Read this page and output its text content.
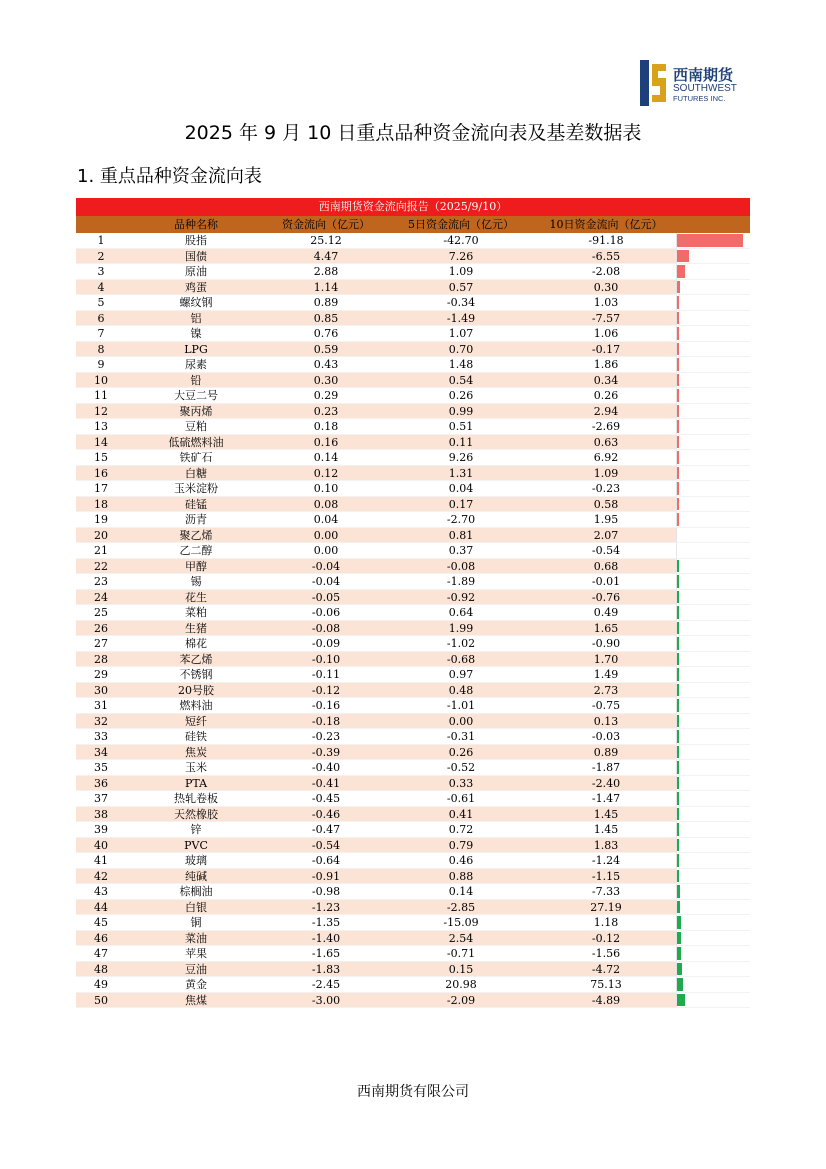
西南期货
SOUTHWEST
FUTURES INC.
2025 年 9 月 10 日重点品种资金流向表及基差数据表
1. 重点品种资金流向表
西南期货资金流向报告（2025/9/10）
品种名称	资金流向（亿元）	5日资金流向（亿元）	10日资金流向（亿元）
1	股指	25.12	-42.70	-91.18
2	国债	4.47	7.26	-6.55
3	原油	2.88	1.09	-2.08
4	鸡蛋	1.14	0.57	0.30
5	螺纹钢	0.89	-0.34	1.03
6	铝	0.85	-1.49	-7.57
7	镍	0.76	1.07	1.06
8	LPG	0.59	0.70	-0.17
9	尿素	0.43	1.48	1.86
10	铅	0.30	0.54	0.34
11	大豆二号	0.29	0.26	0.26
12	聚丙烯	0.23	0.99	2.94
13	豆粕	0.18	0.51	-2.69
14	低硫燃料油	0.16	0.11	0.63
15	铁矿石	0.14	9.26	6.92
16	白糖	0.12	1.31	1.09
17	玉米淀粉	0.10	0.04	-0.23
18	硅锰	0.08	0.17	0.58
19	沥青	0.04	-2.70	1.95
20	聚乙烯	0.00	0.81	2.07
21	乙二醇	0.00	0.37	-0.54
22	甲醇	-0.04	-0.08	0.68
23	锡	-0.04	-1.89	-0.01
24	花生	-0.05	-0.92	-0.76
25	菜粕	-0.06	0.64	0.49
26	生猪	-0.08	1.99	1.65
27	棉花	-0.09	-1.02	-0.90
28	苯乙烯	-0.10	-0.68	1.70
29	不锈钢	-0.11	0.97	1.49
30	20号胶	-0.12	0.48	2.73
31	燃料油	-0.16	-1.01	-0.75
32	短纤	-0.18	0.00	0.13
33	硅铁	-0.23	-0.31	-0.03
34	焦炭	-0.39	0.26	0.89
35	玉米	-0.40	-0.52	-1.87
36	PTA	-0.41	0.33	-2.40
37	热轧卷板	-0.45	-0.61	-1.47
38	天然橡胶	-0.46	0.41	1.45
39	锌	-0.47	0.72	1.45
40	PVC	-0.54	0.79	1.83
41	玻璃	-0.64	0.46	-1.24
42	纯碱	-0.91	0.88	-1.15
43	棕榈油	-0.98	0.14	-7.33
44	白银	-1.23	-2.85	27.19
45	铜	-1.35	-15.09	1.18
46	菜油	-1.40	2.54	-0.12
47	苹果	-1.65	-0.71	-1.56
48	豆油	-1.83	0.15	-4.72
49	黄金	-2.45	20.98	75.13
50	焦煤	-3.00	-2.09	-4.89
西南期货有限公司
